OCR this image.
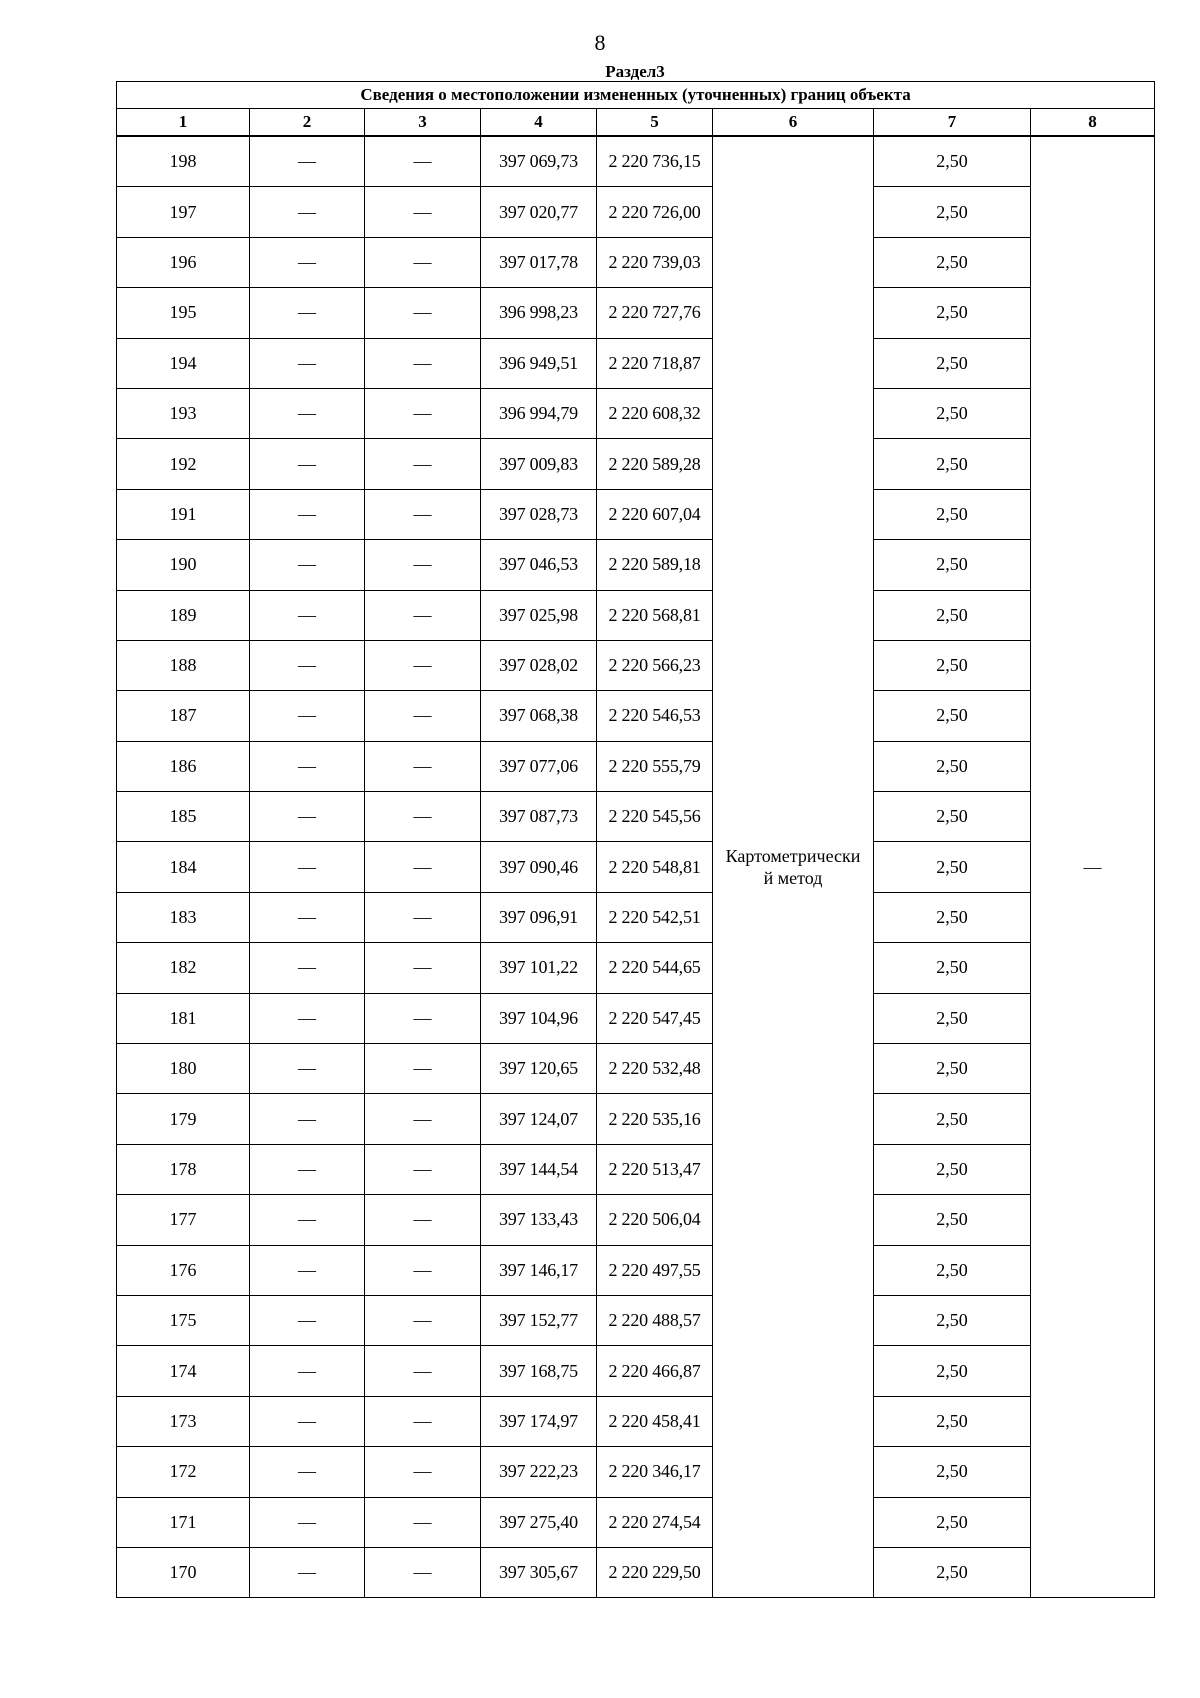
8
Раздел3
Сведения о местоположении измененных (уточненных) границ объекта							
1	2	3	4	5	6	7	8
198	—	—	397 069,73	2 220 736,15	Картометрически
й метод	2,50	—
197	—	—	397 020,77	2 220 726,00		2,50	
196	—	—	397 017,78	2 220 739,03		2,50	
195	—	—	396 998,23	2 220 727,76		2,50	
194	—	—	396 949,51	2 220 718,87		2,50	
193	—	—	396 994,79	2 220 608,32		2,50	
192	—	—	397 009,83	2 220 589,28		2,50	
191	—	—	397 028,73	2 220 607,04		2,50	
190	—	—	397 046,53	2 220 589,18		2,50	
189	—	—	397 025,98	2 220 568,81		2,50	
188	—	—	397 028,02	2 220 566,23		2,50	
187	—	—	397 068,38	2 220 546,53		2,50	
186	—	—	397 077,06	2 220 555,79		2,50	
185	—	—	397 087,73	2 220 545,56		2,50	
184	—	—	397 090,46	2 220 548,81		2,50	
183	—	—	397 096,91	2 220 542,51		2,50	
182	—	—	397 101,22	2 220 544,65		2,50	
181	—	—	397 104,96	2 220 547,45		2,50	
180	—	—	397 120,65	2 220 532,48		2,50	
179	—	—	397 124,07	2 220 535,16		2,50	
178	—	—	397 144,54	2 220 513,47		2,50	
177	—	—	397 133,43	2 220 506,04		2,50	
176	—	—	397 146,17	2 220 497,55		2,50	
175	—	—	397 152,77	2 220 488,57		2,50	
174	—	—	397 168,75	2 220 466,87		2,50	
173	—	—	397 174,97	2 220 458,41		2,50	
172	—	—	397 222,23	2 220 346,17		2,50	
171	—	—	397 275,40	2 220 274,54		2,50	
170	—	—	397 305,67	2 220 229,50		2,50	
